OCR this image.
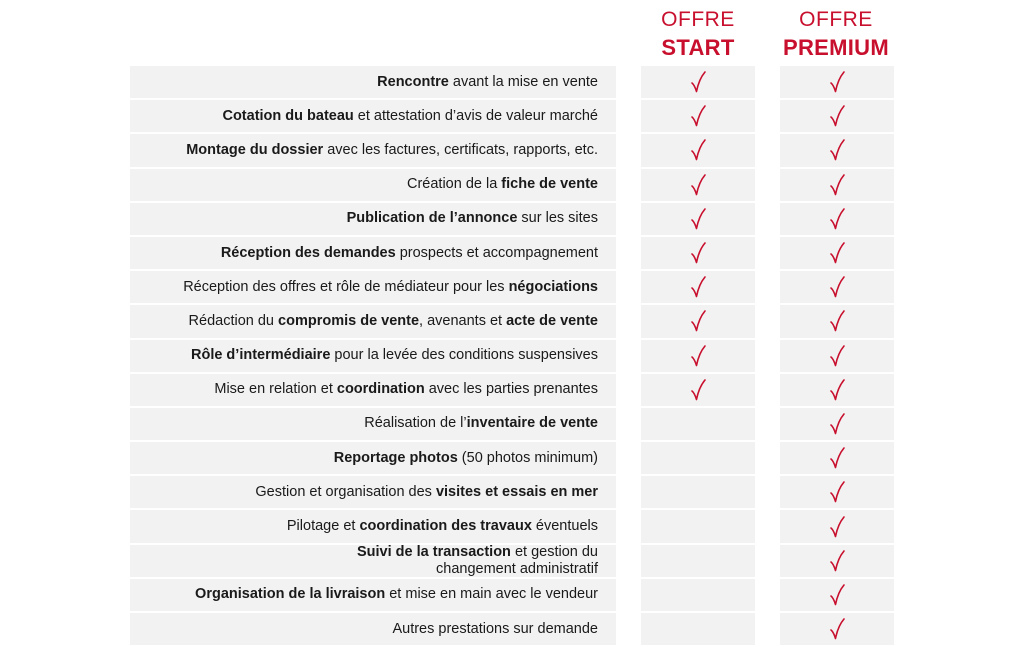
OFFRE
START
OFFRE
PREMIUM
Rencontre avant la mise en vente
Cotation du bateau et attestation d’avis de valeur marché
Montage du dossier avec les factures, certificats, rapports, etc.
Création de la fiche de vente
Publication de l’annonce sur les sites
Réception des demandes prospects et accompagnement
Réception des offres et rôle de médiateur pour les négociations
Rédaction du compromis de vente, avenants et acte de vente
Rôle d’intermédiaire pour la levée des conditions suspensives
Mise en relation et coordination avec les parties prenantes
Réalisation de l’inventaire de vente
Reportage photos (50 photos minimum)
Gestion et organisation des visites et essais en mer
Pilotage et coordination des travaux éventuels
Suivi de la transaction et gestion du
changement administratif
Organisation de la livraison et mise en main avec le vendeur
Autres prestations sur demande
